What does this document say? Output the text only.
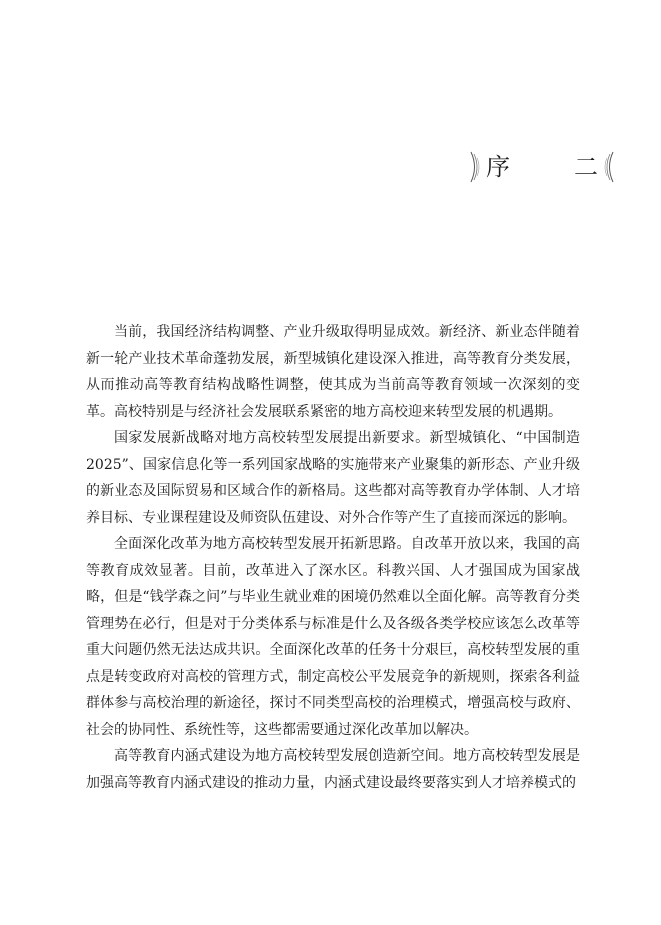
序　二

当前，我国经济结构调整、产业升级取得明显成效。新经济、新业态伴随着新一轮产业技术革命蓬勃发展，新型城镇化建设深入推进，高等教育分类发展，从而推动高等教育结构战略性调整，使其成为当前高等教育领域一次深刻的变革。高校特别是与经济社会发展联系紧密的地方高校迎来转型发展的机遇期。

国家发展新战略对地方高校转型发展提出新要求。新型城镇化、“中国制造2025”、国家信息化等一系列国家战略的实施带来产业聚集的新形态、产业升级的新业态及国际贸易和区域合作的新格局。这些都对高等教育办学体制、人才培养目标、专业课程建设及师资队伍建设、对外合作等产生了直接而深远的影响。

全面深化改革为地方高校转型发展开拓新思路。自改革开放以来，我国的高等教育成效显著。目前，改革进入了深水区。科教兴国、人才强国成为国家战略，但是“钱学森之问”与毕业生就业难的困境仍然难以全面化解。高等教育分类管理势在必行，但是对于分类体系与标准是什么及各级各类学校应该怎么改革等重大问题仍然无法达成共识。全面深化改革的任务十分艰巨，高校转型发展的重点是转变政府对高校的管理方式，制定高校公平发展竞争的新规则，探索各利益群体参与高校治理的新途径，探讨不同类型高校的治理模式，增强高校与政府、社会的协同性、系统性等，这些都需要通过深化改革加以解决。

高等教育内涵式建设为地方高校转型发展创造新空间。地方高校转型发展是加强高等教育内涵式建设的推动力量，内涵式建设最终要落实到人才培养模式的
